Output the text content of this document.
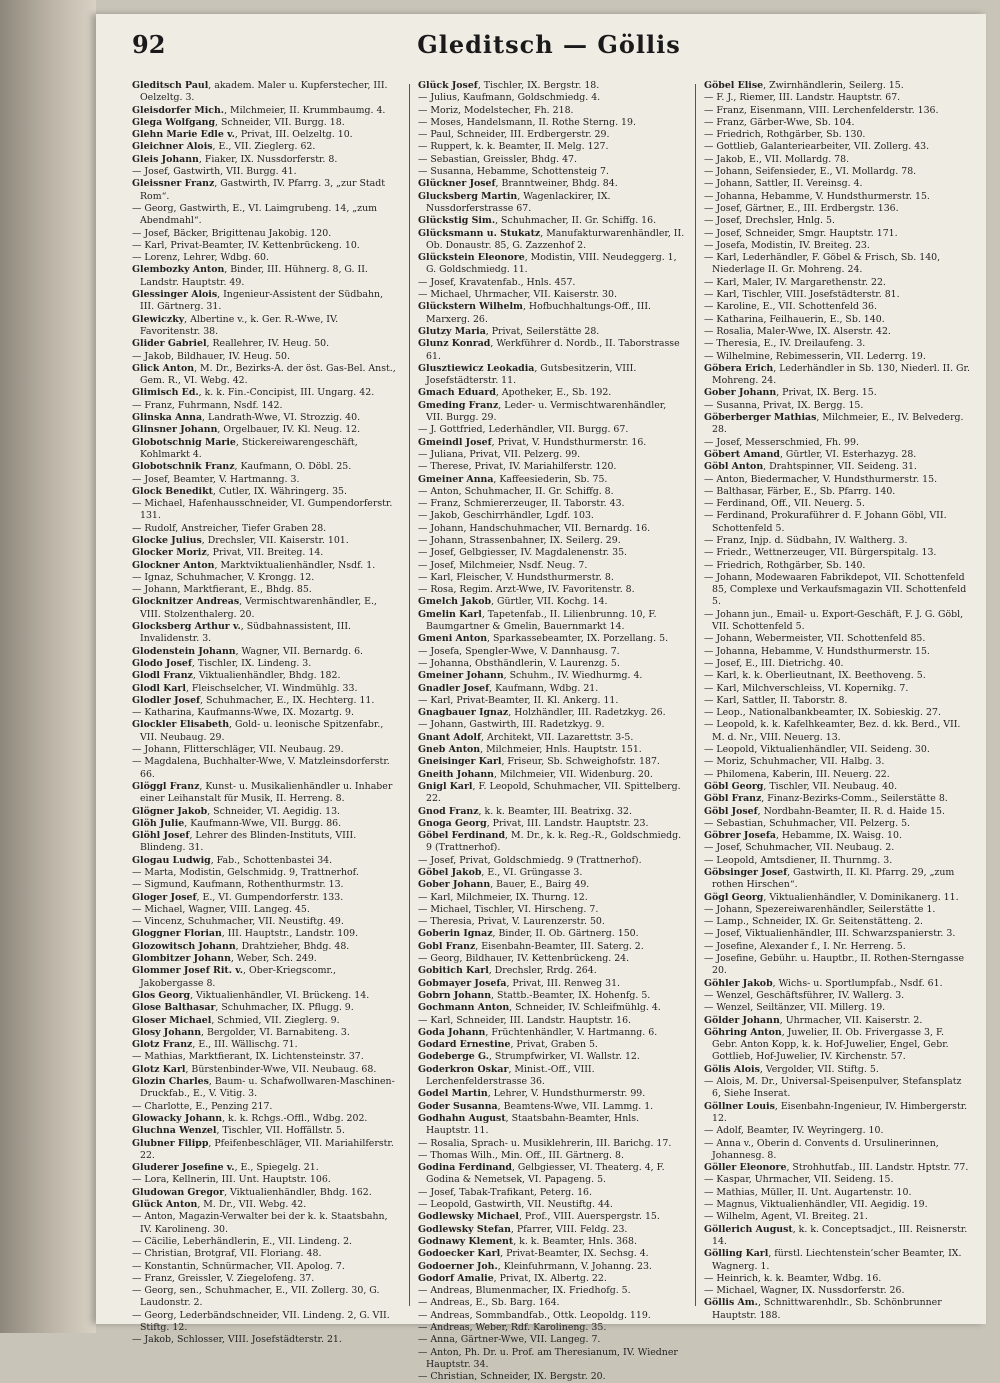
92	Gleditsch — Göllis

Gleditsch Paul, akadem. Maler u. Kupferstecher, III. Oelzeltg. 3.

Gleisdorfer Mich., Milchmeier, II. Krummbaumg. 4.

Glega Wolfgang, Schneider, VII. Burgg. 18.

Glehn Marie Edle v., Privat, III. Oelzeltg. 10.

Gleichner Alois, E., VII. Zieglerg. 62.

Gleis Johann, Fiaker, IX. Nussdorferstr. 8.

— Josef, Gastwirth, VII. Burgg. 41.

Gleissner Franz, Gastwirth, IV. Pfarrg. 3, „zur Stadt Rom“.

— Georg, Gastwirth, E., VI. Laimgrubeng. 14, „zum Abendmahl“.

— Josef, Bäcker, Brigittenau Jakobig. 120.

— Karl, Privat-Beamter, IV. Kettenbrückeng. 10.

— Lorenz, Lehrer, Wdbg. 60.

Glembozky Anton, Binder, III. Hühnerg. 8, G. II. Landstr. Hauptstr. 49.

Glessinger Alois, Ingenieur-Assistent der Südbahn, III. Gärtnerg. 31.

Glewiczky, Albertine v., k. Ger. R.-Wwe, IV. Favoritenstr. 38.

Glider Gabriel, Reallehrer, IV. Heug. 50.

— Jakob, Bildhauer, IV. Heug. 50.

Glick Anton, M. Dr., Bezirks-A. der öst. Gas-Bel. Anst., Gem. R., VI. Webg. 42.

Glimisch Ed., k. k. Fin.-Concipist, III. Ungarg. 42.

— Franz, Fuhrmann, Nsdf. 142.

Glinska Anna, Landrath-Wwe, VI. Strozzig. 40.

Glinsner Johann, Orgelbauer, IV. Kl. Neug. 12.

Globotschnig Marie, Stickereiwarengeschäft, Kohlmarkt 4.

Globotschnik Franz, Kaufmann, O. Döbl. 25.

— Josef, Beamter, V. Hartmanng. 3.

Glock Benedikt, Cutler, IX. Währingerg. 35.

— Michael, Hafenhausschneider, VI. Gumpendorferstr. 131.

— Rudolf, Anstreicher, Tiefer Graben 28.

Glocke Julius, Drechsler, VII. Kaiserstr. 101.

Glocker Moriz, Privat, VII. Breiteg. 14.

Glockner Anton, Marktviktualienhändler, Nsdf. 1.

— Ignaz, Schuhmacher, V. Krongg. 12.

— Johann, Marktfierant, E., Bhdg. 85.

Glocknitzer Andreas, Vermischtwarenhändler, E., VIII. Stolzenthalerg. 20.

Glocksberg Arthur v., Südbahnassistent, III. Invalidenstr. 3.

Glodenstein Johann, Wagner, VII. Bernardg. 6.

Glodo Josef, Tischler, IX. Lindeng. 3.

Glodl Franz, Viktualienhändler, Bhdg. 182.

Glodl Karl, Fleischselcher, VI. Windmühlg. 33.

Glodler Josef, Schuhmacher, E., IX. Hechterg. 11.

— Katharina, Kaufmanns-Wwe, IX. Mozartg. 9.

Glockler Elisabeth, Gold- u. leonische Spitzenfabr., VII. Neubaug. 29.

— Johann, Flitterschläger, VII. Neubaug. 29.

— Magdalena, Buchhalter-Wwe, V. Matzleinsdorferstr. 66.

Glöggl Franz, Kunst- u. Musikalienhändler u. Inhaber einer Leihanstalt für Musik, II. Herreng. 8.

Glögner Jakob, Schneider, VI. Aegidig. 13.

Glöh Julie, Kaufmann-Wwe, VII. Burgg. 86.

Glöhl Josef, Lehrer des Blinden-Instituts, VIII. Blindeng. 31.

Glogau Ludwig, Fab., Schottenbastei 34.

— Marta, Modistin, Gelschmidg. 9, Trattnerhof.

— Sigmund, Kaufmann, Rothenthurmstr. 13.

Gloger Josef, E., VI. Gumpendorferstr. 133.

— Michael, Wagner, VIII. Langeg. 45.

— Vincenz, Schuhmacher, VII. Neustiftg. 49.

Gloggner Florian, III. Hauptstr., Landstr. 109.

Glozowitsch Johann, Drahtzieher, Bhdg. 48.

Glombitzer Johann, Weber, Sch. 249.

Glommer Josef Rit. v., Ober-Kriegscomr., Jakobergasse 8.

Glos Georg, Viktualienhändler, VI. Brückeng. 14.

Glose Balthasar, Schuhmacher, IX. Pflugg. 9.

Gloser Michael, Schmied, VII. Zieglerg. 9.

Glosy Johann, Bergolder, VI. Barnabiteng. 3.

Glotz Franz, E., III. Wällischg. 71.

— Mathias, Marktfierant, IX. Lichtensteinstr. 37.

Glotz Karl, Bürstenbinder-Wwe, VII. Neubaug. 68.

Glozin Charles, Baum- u. Schafwollwaren-Maschinen-Druckfab., E., V. Vitig. 3.

— Charlotte, E., Penzing 217.

Glowacky Johann, k. k. Rchgs.-Offl., Wdbg. 202.

Gluchna Wenzel, Tischler, VII. Hoffällstr. 5.

Glubner Filipp, Pfeifenbeschläger, VII. Mariahilferstr. 22.

Gluderer Josefine v., E., Spiegelg. 21.

— Lora, Kellnerin, III. Unt. Hauptstr. 106.

Gludowan Gregor, Viktualienhändler, Bhdg. 162.

Glück Anton, M. Dr., VII. Webg. 42.

— Anton, Magazin-Verwalter bei der k. k. Staatsbahn, IV. Karolineng. 30.

— Cäcilie, Leberhändlerin, E., VII. Lindeng. 2.

— Christian, Brotgraf, VII. Floriang. 48.

— Konstantin, Schnürmacher, VII. Apolog. 7.

— Franz, Greissler, V. Ziegelofeng. 37.

— Georg, sen., Schuhmacher, E., VII. Zollerg. 30, G. Laudonstr. 2.

— Georg, Lederbändschneider, VII. Lindeng. 2, G. VII. Stiftg. 12.

— Jakob, Schlosser, VIII. Josefstädterstr. 21.

Glück Josef, Tischler, IX. Bergstr. 18.

— Julius, Kaufmann, Goldschmiedg. 4.

— Moriz, Modelstecher, Fh. 218.

— Moses, Handelsmann, II. Rothe Sterng. 19.

— Paul, Schneider, III. Erdbergerstr. 29.

— Ruppert, k. k. Beamter, II. Melg. 127.

— Sebastian, Greissler, Bhdg. 47.

— Susanna, Hebamme, Schottensteig 7.

Glückner Josef, Branntweiner, Bhdg. 84.

Glucksberg Martin, Wagenlackirer, IX. Nussdorferstrasse 67.

Glückstig Sim., Schuhmacher, II. Gr. Schiffg. 16.

Glücksmann u. Stukatz, Manufakturwarenhändler, II. Ob. Donaustr. 85, G. Zazzenhof 2.

Glückstein Eleonore, Modistin, VIII. Neudeggerg. 1, G. Goldschmiedg. 11.

— Josef, Kravatenfab., Hnls. 457.

— Michael, Uhrmacher, VII. Kaiserstr. 30.

Glückstern Wilhelm, Hofbuchhaltungs-Off., III. Marxerg. 26.

Glutzy Maria, Privat, Seilerstätte 28.

Glunz Konrad, Werkführer d. Nordb., II. Taborstrasse 61.

Glusztiewicz Leokadia, Gutsbesitzerin, VIII. Josefstädterstr. 11.

Gmach Eduard, Apotheker, E., Sb. 192.

Gmeding Franz, Leder- u. Vermischtwarenhändler, VII. Burgg. 29.

— J. Gottfried, Lederhändler, VII. Burgg. 67.

Gmeindl Josef, Privat, V. Hundsthurmerstr. 16.

— Juliana, Privat, VII. Pelzerg. 99.

— Therese, Privat, IV. Mariahilferstr. 120.

Gmeiner Anna, Kaffeesiederin, Sb. 75.

— Anton, Schuhmacher, II. Gr. Schiffg. 8.

— Franz, Schmiererzeuger, II. Taborstr. 43.

— Jakob, Geschirrhändler, Lgdf. 103.

— Johann, Handschuhmacher, VII. Bernardg. 16.

— Johann, Strassenbahner, IX. Seilerg. 29.

— Josef, Gelbgiesser, IV. Magdalenenstr. 35.

— Josef, Milchmeier, Nsdf. Neug. 7.

— Karl, Fleischer, V. Hundsthurmerstr. 8.

— Rosa, Regim. Arzt-Wwe, IV. Favoritenstr. 8.

Gmelch Jakob, Gürtler, VII. Kochg. 14.

Gmelin Karl, Tapetenfab., II. Lilienbrunng. 10, F. Baumgartner & Gmelin, Bauernmarkt 14.

Gmeni Anton, Sparkassebeamter, IX. Porzellang. 5.

— Josefa, Spengler-Wwe, V. Dannhausg. 7.

— Johanna, Obsthändlerin, V. Laurenzg. 5.

Gmeiner Johann, Schuhm., IV. Wiedhurmg. 4.

Gnadler Josef, Kaufmann, Wdbg. 21.

— Karl, Privat-Beamter, II. Kl. Ankerg. 11.

Gnagbauer Ignaz, Holzhändler, III. Radetzkyg. 26.

— Johann, Gastwirth, III. Radetzkyg. 9.

Gnant Adolf, Architekt, VII. Lazarettstr. 3-5.

Gneb Anton, Milchmeier, Hnls. Hauptstr. 151.

Gneisinger Karl, Friseur, Sb. Schweighofstr. 187.

Gneith Johann, Milchmeier, VII. Widenburg. 20.

Gnigl Karl, F. Leopold, Schuhmacher, VII. Spittelberg. 22.

Gnod Franz, k. k. Beamter, III. Beatrixg. 32.

Gnoga Georg, Privat, III. Landstr. Hauptstr. 23.

Göbel Ferdinand, M. Dr., k. k. Reg.-R., Goldschmiedg. 9 (Trattnerhof).

— Josef, Privat, Goldschmiedg. 9 (Trattnerhof).

Göbel Jakob, E., VI. Grüngasse 3.

Gober Johann, Bauer, E., Bairg 49.

— Karl, Milchmeier, IX. Thurng. 12.

— Michael, Tischler, VI. Hirscheng. 7.

— Theresia, Privat, V. Laurenzerstr. 50.

Goberin Ignaz, Binder, II. Ob. Gärtnerg. 150.

Gobl Franz, Eisenbahn-Beamter, III. Saterg. 2.

— Georg, Bildhauer, IV. Kettenbrückeng. 24.

Gobitich Karl, Drechsler, Rrdg. 264.

Gobmayer Josefa, Privat, III. Renweg 31.

Gobrn Johann, Stattb.-Beamter, IX. Hohenfg. 5.

Gochmann Anton, Schneider, IV. Schleifmühlg. 4.

— Karl, Schneider, III. Landstr. Hauptstr. 16.

Goda Johann, Früchtenhändler, V. Hartmanng. 6.

Godard Ernestine, Privat, Graben 5.

Godeberge G., Strumpfwirker, VI. Wallstr. 12.

Goderkron Oskar, Minist.-Off., VIII. Lerchenfelderstrasse 36.

Godel Martin, Lehrer, V. Hundsthurmerstr. 99.

Goder Susanna, Beamtens-Wwe, VII. Lammg. 1.

Godhahn August, Staatsbahn-Beamter, Hnls. Hauptstr. 11.

— Rosalia, Sprach- u. Musiklehrerin, III. Barichg. 17.

— Thomas Wilh., Min. Off., III. Gärtnerg. 8.

Godina Ferdinand, Gelbgiesser, VI. Theaterg. 4, F. Godina & Nemetsek, VI. Papageng. 5.

— Josef, Tabak-Trafikant, Peterg. 16.

— Leopold, Gastwirth, VII. Neustiftg. 44.

Godlewsky Michael, Prof., VIII. Auerspergstr. 15.

Godlewsky Stefan, Pfarrer, VIII. Feldg. 23.

Godnawy Klement, k. k. Beamter, Hnls. 368.

Godoecker Karl, Privat-Beamter, IX. Sechsg. 4.

Godoerner Joh., Kleinfuhrmann, V. Johanng. 23.

Godorf Amalie, Privat, IX. Albertg. 22.

— Andreas, Blumenmacher, IX. Friedhofg. 5.

— Andreas, E., Sb. Barg. 164.

— Andreas, Sommbandfab., Ottk. Leopoldg. 119.

— Andreas, Weber, Rdf. Karolineng. 35.

— Anna, Gärtner-Wwe, VII. Langeg. 7.

— Anton, Ph. Dr. u. Prof. am Theresianum, IV. Wiedner Hauptstr. 34.

— Christian, Schneider, IX. Bergstr. 20.

Göbel Elise, Zwirnhändlerin, Seilerg. 15.

— F. J., Riemer, III. Landstr. Hauptstr. 67.

— Franz, Eisenmann, VIII. Lerchenfelderstr. 136.

— Franz, Gärber-Wwe, Sb. 104.

— Friedrich, Rothgärber, Sb. 130.

— Gottlieb, Galanteriearbeiter, VII. Zollerg. 43.

— Jakob, E., VII. Mollardg. 78.

— Johann, Seifensieder, E., VI. Mollardg. 78.

— Johann, Sattler, II. Vereinsg. 4.

— Johanna, Hebamme, V. Hundsthurmerstr. 15.

— Josef, Gärtner, E., III. Erdbergstr. 136.

— Josef, Drechsler, Hnlg. 5.

— Josef, Schneider, Smgr. Hauptstr. 171.

— Josefa, Modistin, IV. Breiteg. 23.

— Karl, Lederhändler, F. Göbel & Frisch, Sb. 140, Niederlage II. Gr. Mohreng. 24.

— Karl, Maler, IV. Margarethenstr. 22.

— Karl, Tischler, VIII. Josefstädterstr. 81.

— Karoline, E., VII. Schottenfeld 36.

— Katharina, Feilhauerin, E., Sb. 140.

— Rosalia, Maler-Wwe, IX. Alserstr. 42.

— Theresia, E., IV. Dreilaufeng. 3.

— Wilhelmine, Rebimesserin, VII. Lederrg. 19.

Göbera Erich, Lederhändler in Sb. 130, Niederl. II. Gr. Mohreng. 24.

Gober Johann, Privat, IX. Berg. 15.

— Susanna, Privat, IX. Bergg. 15.

Göberberger Mathias, Milchmeier, E., IV. Belvederg. 28.

— Josef, Messerschmied, Fh. 99.

Göbert Amand, Gürtler, VI. Esterhazyg. 28.

Göbl Anton, Drahtspinner, VII. Seideng. 31.

— Anton, Biedermacher, V. Hundsthurmerstr. 15.

— Balthasar, Färber, E., Sb. Pfarrg. 140.

— Ferdinand, Off., VII. Neuerg. 5.

— Ferdinand, Prokuraführer d. F. Johann Göbl, VII. Schottenfeld 5.

— Franz, Injp. d. Südbahn, IV. Waltherg. 3.

— Friedr., Wettnerzeuger, VII. Bürgerspitalg. 13.

— Friedrich, Rothgärber, Sb. 140.

— Johann, Modewaaren Fabrikdepot, VII. Schottenfeld 85, Complexe und Verkaufsmagazin VII. Schottenfeld 5.

— Johann jun., Email- u. Export-Geschäft, F. J. G. Göbl, VII. Schottenfeld 5.

— Johann, Webermeister, VII. Schottenfeld 85.

— Johanna, Hebamme, V. Hundsthurmerstr. 15.

— Josef, E., III. Dietrichg. 40.

— Karl, k. k. Oberlieutnant, IX. Beethoveng. 5.

— Karl, Milchverschleiss, VI. Kopernikg. 7.

— Karl, Sattler, II. Taborstr. 8.

— Leop., Nationalbankbeamter, IX. Sobieskig. 27.

— Leopold, k. k. Kafelhkeamter, Bez. d. kk. Berd., VII. M. d. Nr., VIII. Neuerg. 13.

— Leopold, Viktualienhändler, VII. Seideng. 30.

— Moriz, Schuhmacher, VII. Halbg. 3.

— Philomena, Kaberin, III. Neuerg. 22.

Göbl Georg, Tischler, VII. Neubaug. 40.

Göbl Franz, Finanz-Bezirks-Comm., Seilerstätte 8.

Göbl Josef, Nordbahn-Beamter, II. R. d. Haide 15.

— Sebastian, Schuhmacher, VII. Pelzerg. 5.

Göbrer Josefa, Hebamme, IX. Waisg. 10.

— Josef, Schuhmacher, VII. Neubaug. 2.

— Leopold, Amtsdiener, II. Thurnmg. 3.

Göbsinger Josef, Gastwirth, II. Kl. Pfarrg. 29, „zum rothen Hirschen“.

Gögl Georg, Viktualienhändler, V. Dominikanerg. 11.

— Johann, Spezereiwarenhändler, Seilerstätte 1.

— Lamp., Schneider, IX. Gr. Seitenstätteng. 2.

— Josef, Viktualienhändler, III. Schwarzspanierstr. 3.

— Josefine, Alexander f., I. Nr. Herreng. 5.

— Josefine, Gebühr. u. Hauptbr., II. Rothen-Sterngasse 20.

Göhler Jakob, Wichs- u. Sportlumpfab., Nsdf. 61.

— Wenzel, Geschäftsführer, IV. Wallerg. 3.

— Wenzel, Seiltänzer, VII. Millerg. 19.

Gölder Johann, Uhrmacher, VII. Kaiserstr. 2.

Göhring Anton, Juwelier, II. Ob. Frivergasse 3, F. Gebr. Anton Kopp, k. k. Hof-Juwelier, Engel, Gebr. Gottlieb, Hof-Juwelier, IV. Kirchenstr. 57.

Gölis Alois, Vergolder, VII. Stiftg. 5.

— Alois, M. Dr., Universal-Speisenpulver, Stefansplatz 6, Siehe Inserat.

Göllner Louis, Eisenbahn-Ingenieur, IV. Himbergerstr. 12.

— Adolf, Beamter, IV. Weyringerg. 10.

— Anna v., Oberin d. Convents d. Ursulinerinnen, Johannesg. 8.

Göller Eleonore, Strohhutfab., III. Landstr. Hptstr. 77.

— Kaspar, Uhrmacher, VII. Seideng. 15.

— Mathias, Müller, II. Unt. Augartenstr. 10.

— Magnus, Viktualienhändler, VII. Aegidig. 19.

— Wilhelm, Agent, VI. Breiteg. 21.

Göllerich August, k. k. Conceptsadjct., III. Reisnerstr. 14.

Gölling Karl, fürstl. Liechtenstein’scher Beamter, IX. Wagnerg. 1.

— Heinrich, k. k. Beamter, Wdbg. 16.

— Michael, Wagner, IX. Nussdorferstr. 26.

Göllis Am., Schnittwarenhdlr., Sb. Schönbrunner Hauptstr. 188.
